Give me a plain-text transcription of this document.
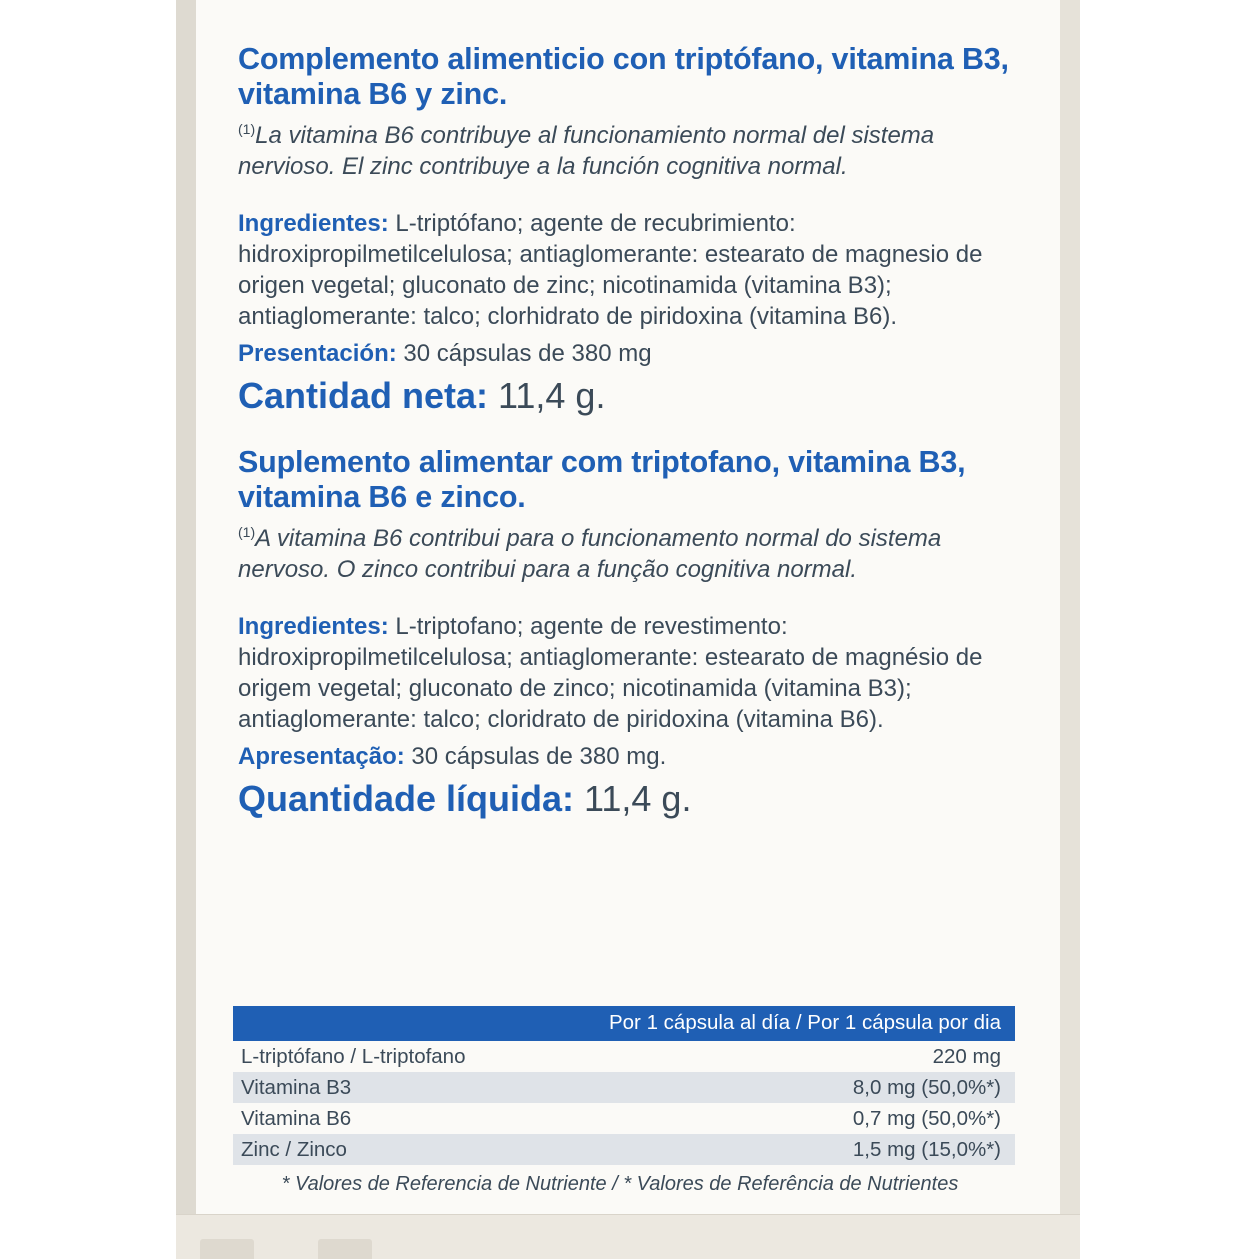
Complemento alimenticio con triptófano, vitamina B3, vitamina B6 y zinc.

$^{(1)}$La vitamina B6 contribuye al funcionamiento normal del sistema nervioso. El zinc contribuye a la función cognitiva normal.

Ingredientes: L-triptófano; agente de recubrimiento: hidroxipropilmetilcelulosa; antiaglomerante: estearato de magnesio de origen vegetal; gluconato de zinc; nicotinamida (vitamina B3); antiaglomerante: talco; clorhidrato de piridoxina (vitamina B6).

Presentación: 30 cápsulas de 380 mg

Cantidad neta: 11,4 g.

Suplemento alimentar com triptofano, vitamina B3, vitamina B6 e zinco.

$^{(1)}$A vitamina B6 contribui para o funcionamento normal do sistema nervoso. O zinco contribui para a função cognitiva normal.

Ingredientes: L-triptofano; agente de revestimento: hidroxipropilmetilcelulosa; antiaglomerante: estearato de magnésio de origem vegetal; gluconato de zinco; nicotinamida (vitamina B3); antiaglomerante: talco; cloridrato de piridoxina (vitamina B6).

Apresentação: 30 cápsulas de 380 mg.

Quantidade líquida: 11,4 g.

Por 1 cápsula al día / Por 1 cápsula por dia
L-triptófano / L-triptofano	220 mg
Vitamina B3	8,0 mg (50,0%*)
Vitamina B6	0,7 mg (50,0%*)
Zinc / Zinco	1,5 mg (15,0%*)
* Valores de Referencia de Nutriente / * Valores de Referência de Nutrientes
